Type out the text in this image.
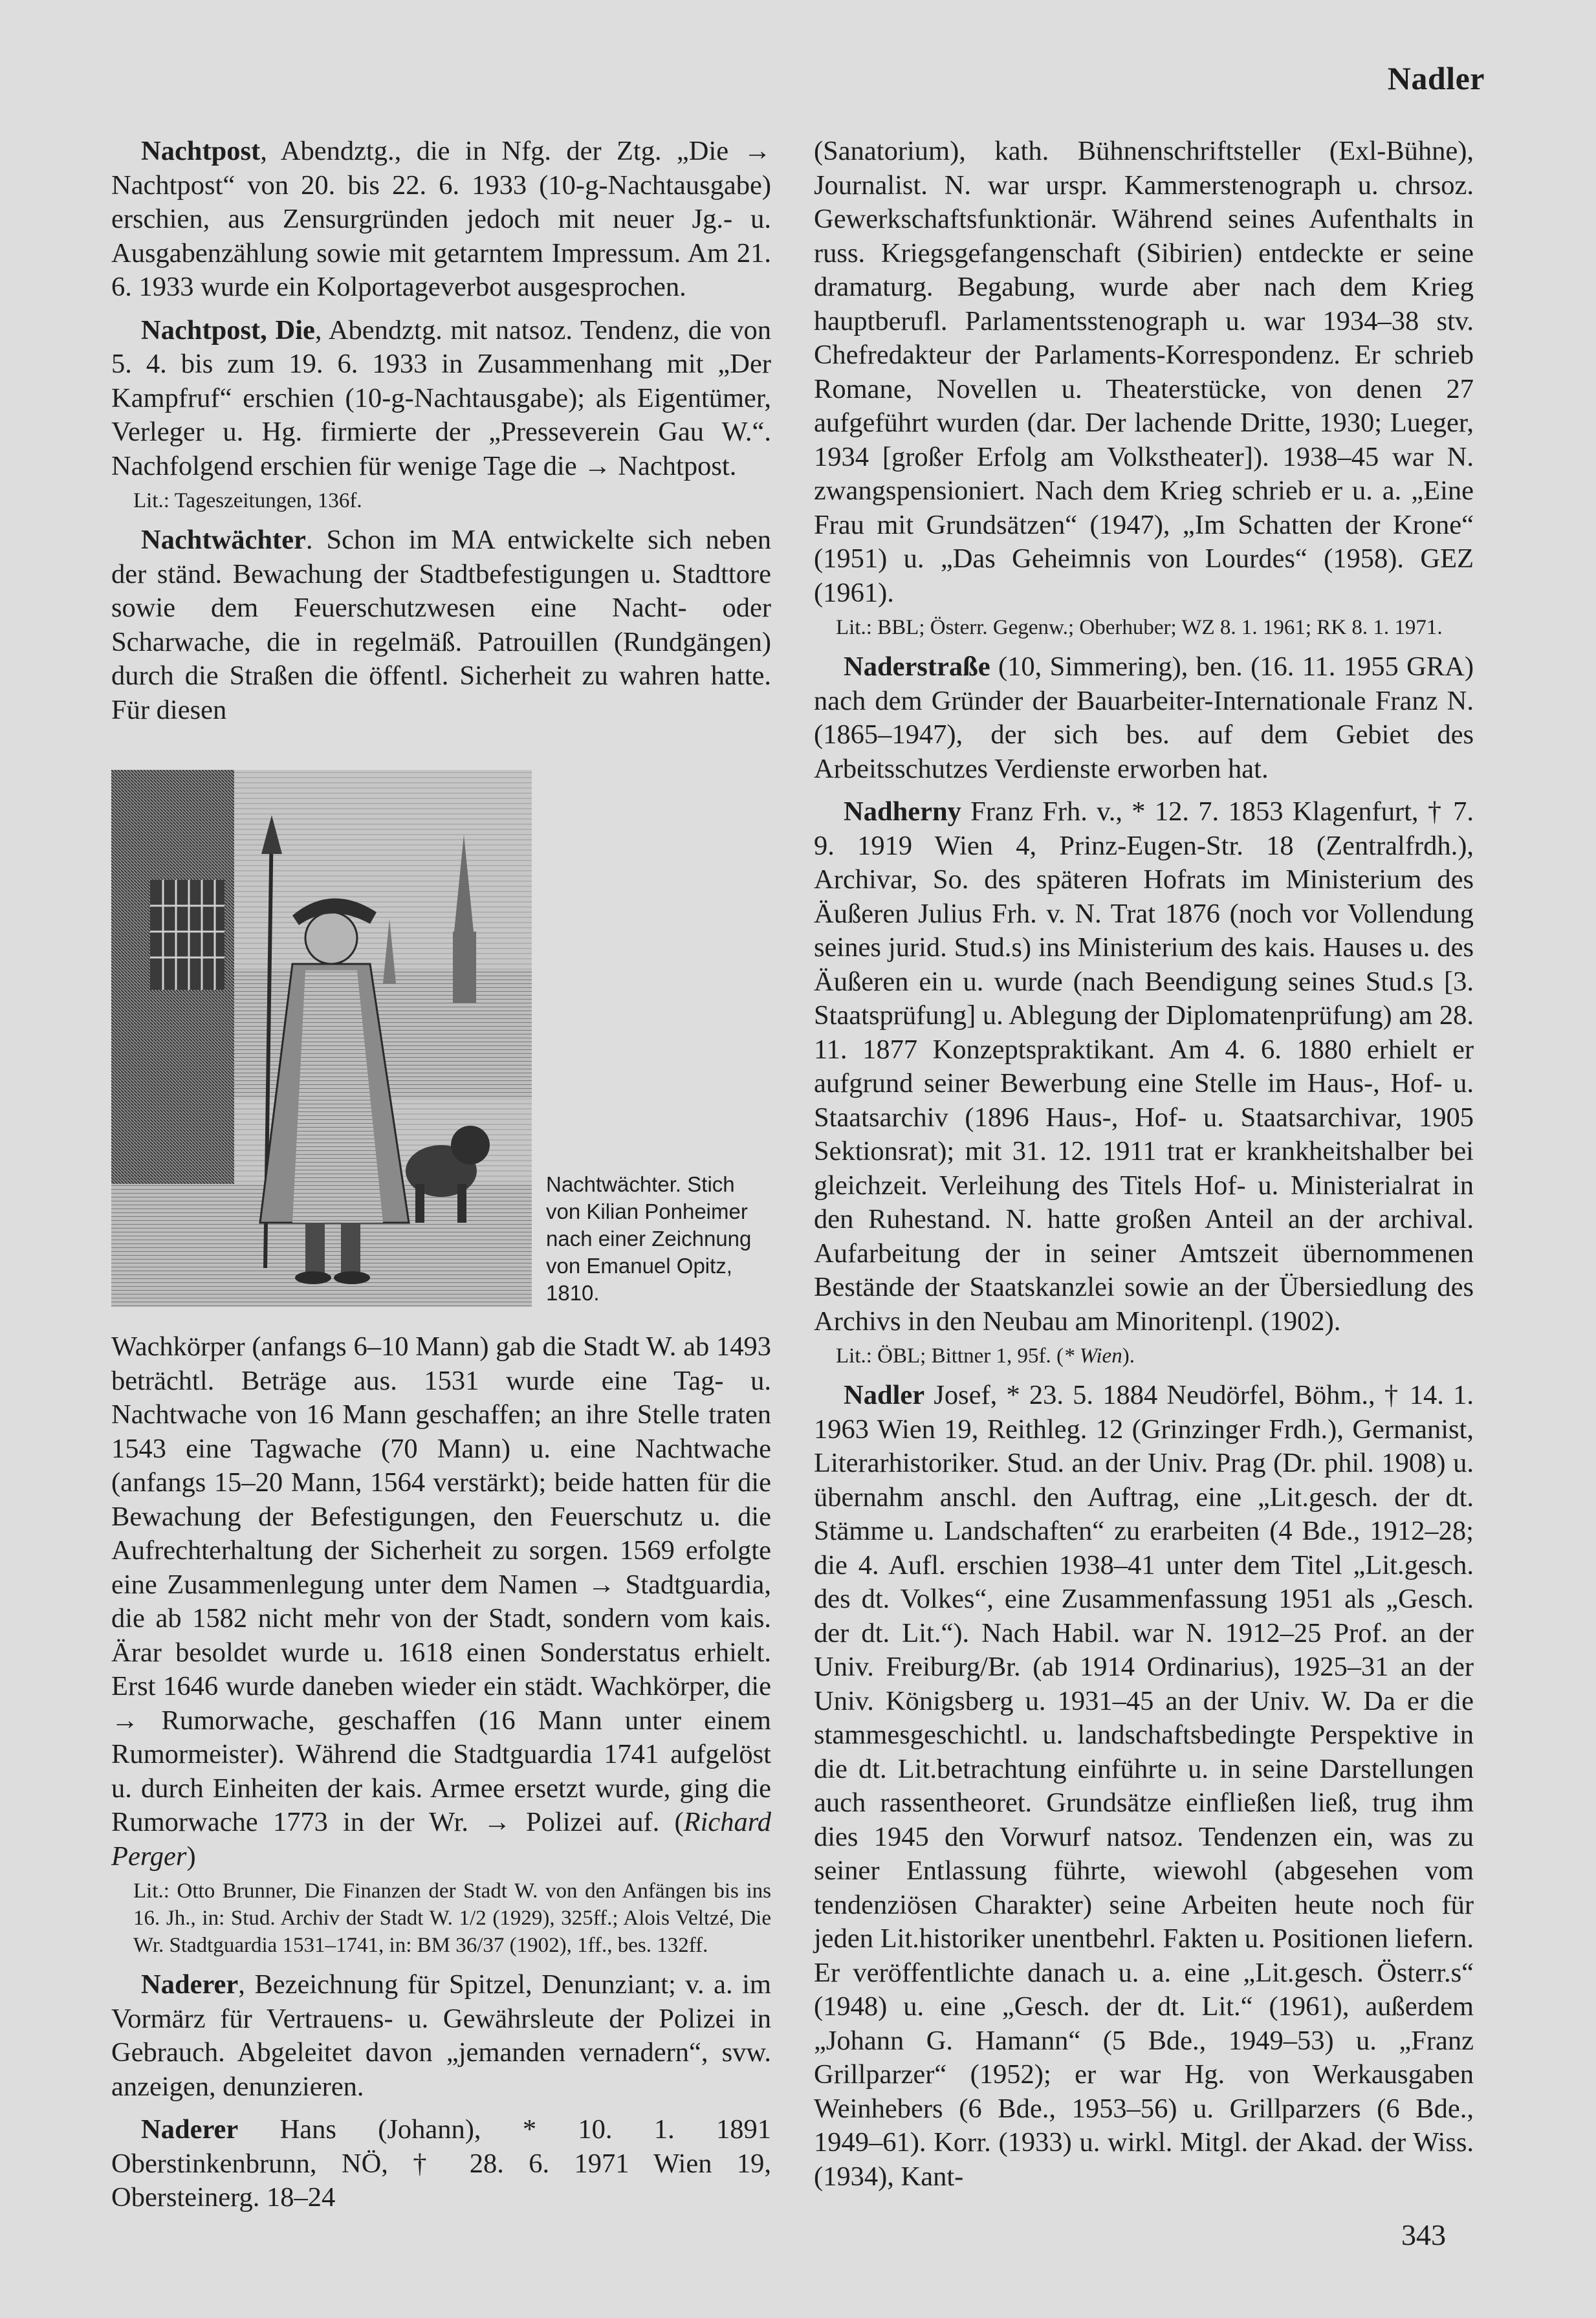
Nadler

Nachtpost, Abendztg., die in Nfg. der Ztg. „Die → Nachtpost“ von 20. bis 22. 6. 1933 (10-g-Nachtausgabe) erschien, aus Zensurgründen jedoch mit neuer Jg.- u. Ausgabenzählung sowie mit getarntem Impressum. Am 21. 6. 1933 wurde ein Kolportageverbot ausgesprochen.

Nachtpost, Die, Abendztg. mit natsoz. Tendenz, die von 5. 4. bis zum 19. 6. 1933 in Zusammenhang mit „Der Kampfruf“ erschien (10-g-Nachtausgabe); als Eigentümer, Verleger u. Hg. firmierte der „Presseverein Gau W.“. Nachfolgend erschien für wenige Tage die → Nachtpost.

Lit.: Tageszeitungen, 136f.

Nachtwächter. Schon im MA entwickelte sich neben der ständ. Bewachung der Stadtbefestigungen u. Stadttore sowie dem Feuerschutzwesen eine Nacht- oder Scharwache, die in regelmäß. Patrouillen (Rundgängen) durch die Straßen die öffentl. Sicherheit zu wahren hatte. Für diesen

Nachtwächter. Stich
von Kilian Ponheimer
nach einer Zeichnung
von Emanuel Opitz,
1810.

Wachkörper (anfangs 6–10 Mann) gab die Stadt W. ab 1493 beträchtl. Beträge aus. 1531 wurde eine Tag- u. Nachtwache von 16 Mann geschaffen; an ihre Stelle traten 1543 eine Tagwache (70 Mann) u. eine Nachtwache (anfangs 15–20 Mann, 1564 verstärkt); beide hatten für die Bewachung der Befestigungen, den Feuerschutz u. die Aufrechterhaltung der Sicherheit zu sorgen. 1569 erfolgte eine Zusammenlegung unter dem Namen → Stadtguardia, die ab 1582 nicht mehr von der Stadt, sondern vom kais. Ärar besoldet wurde u. 1618 einen Sonderstatus erhielt. Erst 1646 wurde daneben wieder ein städt. Wachkörper, die → Rumorwache, geschaffen (16 Mann unter einem Rumormeister). Während die Stadtguardia 1741 aufgelöst u. durch Einheiten der kais. Armee ersetzt wurde, ging die Rumorwache 1773 in der Wr. → Polizei auf. (Richard Perger)

Lit.: Otto Brunner, Die Finanzen der Stadt W. von den Anfängen bis ins 16. Jh., in: Stud. Archiv der Stadt W. 1/2 (1929), 325ff.; Alois Veltzé, Die Wr. Stadtguardia 1531–1741, in: BM 36/37 (1902), 1ff., bes. 132ff.

Naderer, Bezeichnung für Spitzel, Denunziant; v. a. im Vormärz für Vertrauens- u. Gewährsleute der Polizei in Gebrauch. Abgeleitet davon „jemanden vernadern“, svw. anzeigen, denunzieren.

Naderer Hans (Johann), * 10. 1. 1891 Oberstinkenbrunn, NÖ, † 28. 6. 1971 Wien 19, Obersteinerg. 18–24

(Sanatorium), kath. Bühnenschriftsteller (Exl-Bühne), Journalist. N. war urspr. Kammerstenograph u. chrsoz. Gewerkschaftsfunktionär. Während seines Aufenthalts in russ. Kriegsgefangenschaft (Sibirien) entdeckte er seine dramaturg. Begabung, wurde aber nach dem Krieg hauptberufl. Parlamentsstenograph u. war 1934–38 stv. Chefredakteur der Parlaments-Korrespondenz. Er schrieb Romane, Novellen u. Theaterstücke, von denen 27 aufgeführt wurden (dar. Der lachende Dritte, 1930; Lueger, 1934 [großer Erfolg am Volkstheater]). 1938–45 war N. zwangspensioniert. Nach dem Krieg schrieb er u. a. „Eine Frau mit Grundsätzen“ (1947), „Im Schatten der Krone“ (1951) u. „Das Geheimnis von Lourdes“ (1958). GEZ (1961).

Lit.: BBL; Österr. Gegenw.; Oberhuber; WZ 8. 1. 1961; RK 8. 1. 1971.

Naderstraße (10, Simmering), ben. (16. 11. 1955 GRA) nach dem Gründer der Bauarbeiter-Internationale Franz N. (1865–1947), der sich bes. auf dem Gebiet des Arbeitsschutzes Verdienste erworben hat.

Nadherny Franz Frh. v., * 12. 7. 1853 Klagenfurt, † 7. 9. 1919 Wien 4, Prinz-Eugen-Str. 18 (Zentralfrdh.), Archivar, So. des späteren Hofrats im Ministerium des Äußeren Julius Frh. v. N. Trat 1876 (noch vor Vollendung seines jurid. Stud.s) ins Ministerium des kais. Hauses u. des Äußeren ein u. wurde (nach Beendigung seines Stud.s [3. Staatsprüfung] u. Ablegung der Diplomatenprüfung) am 28. 11. 1877 Konzeptspraktikant. Am 4. 6. 1880 erhielt er aufgrund seiner Bewerbung eine Stelle im Haus-, Hof- u. Staatsarchiv (1896 Haus-, Hof- u. Staatsarchivar, 1905 Sektionsrat); mit 31. 12. 1911 trat er krankheitshalber bei gleichzeit. Verleihung des Titels Hof- u. Ministerialrat in den Ruhestand. N. hatte großen Anteil an der archival. Aufarbeitung der in seiner Amtszeit übernommenen Bestände der Staatskanzlei sowie an der Übersiedlung des Archivs in den Neubau am Minoritenpl. (1902).

Lit.: ÖBL; Bittner 1, 95f. (* Wien).

Nadler Josef, * 23. 5. 1884 Neudörfel, Böhm., † 14. 1. 1963 Wien 19, Reithleg. 12 (Grinzinger Frdh.), Germanist, Literarhistoriker. Stud. an der Univ. Prag (Dr. phil. 1908) u. übernahm anschl. den Auftrag, eine „Lit.gesch. der dt. Stämme u. Landschaften“ zu erarbeiten (4 Bde., 1912–28; die 4. Aufl. erschien 1938–41 unter dem Titel „Lit.gesch. des dt. Volkes“, eine Zusammenfassung 1951 als „Gesch. der dt. Lit.“). Nach Habil. war N. 1912–25 Prof. an der Univ. Freiburg/Br. (ab 1914 Ordinarius), 1925–31 an der Univ. Königsberg u. 1931–45 an der Univ. W. Da er die stammesgeschichtl. u. landschaftsbedingte Perspektive in die dt. Lit.betrachtung einführte u. in seine Darstellungen auch rassentheoret. Grundsätze einfließen ließ, trug ihm dies 1945 den Vorwurf natsoz. Tendenzen ein, was zu seiner Entlassung führte, wiewohl (abgesehen vom tendenziösen Charakter) seine Arbeiten heute noch für jeden Lit.historiker unentbehrl. Fakten u. Positionen liefern. Er veröffentlichte danach u. a. eine „Lit.gesch. Österr.s“ (1948) u. eine „Gesch. der dt. Lit.“ (1961), außerdem „Johann G. Hamann“ (5 Bde., 1949–53) u. „Franz Grillparzer“ (1952); er war Hg. von Werkausgaben Weinhebers (6 Bde., 1953–56) u. Grillparzers (6 Bde., 1949–61). Korr. (1933) u. wirkl. Mitgl. der Akad. der Wiss. (1934), Kant-

343
